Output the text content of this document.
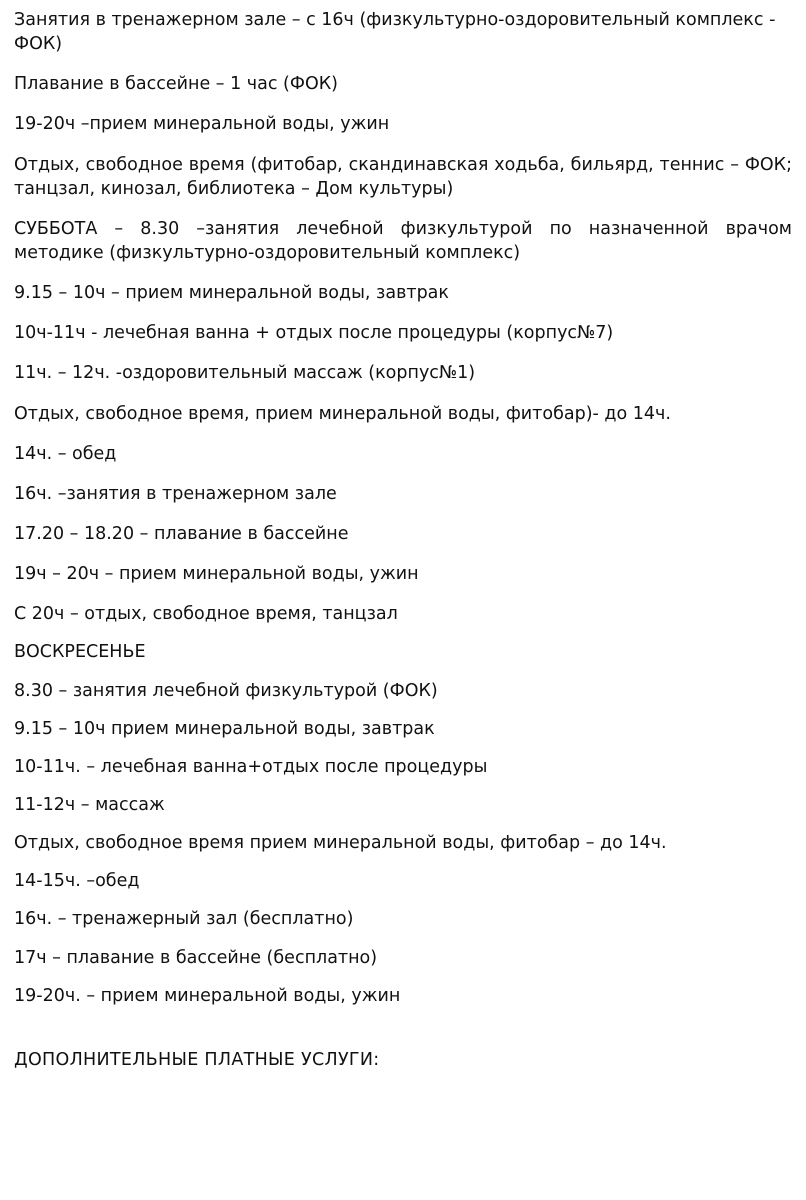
Занятия в тренажерном зале – с 16ч (физкультурно-оздоровительный комплекс - ФОК)

Плавание в бассейне – 1 час (ФОК)

19-20ч –прием минеральной воды, ужин

Отдых, свободное время (фитобар, скандинавская ходьба, бильярд, теннис – ФОК; танцзал, кинозал, библиотека – Дом культуры)

СУББОТА – 8.30 –занятия лечебной физкультурой по назначенной врачом методике (физкультурно-оздоровительный комплекс)

9.15 – 10ч – прием минеральной воды, завтрак

10ч-11ч - лечебная ванна + отдых после процедуры (корпус№7)

11ч. – 12ч. -оздоровительный массаж (корпус№1)

Отдых, свободное время, прием минеральной воды, фитобар)- до 14ч.

14ч. – обед

16ч. –занятия в тренажерном зале

17.20 – 18.20 – плавание в бассейне

19ч – 20ч – прием минеральной воды, ужин

С 20ч – отдых, свободное время, танцзал

ВОСКРЕСЕНЬЕ

8.30 – занятия лечебной физкультурой (ФОК)

9.15 – 10ч прием минеральной воды, завтрак

10-11ч. – лечебная ванна+отдых после процедуры

11-12ч – массаж

Отдых, свободное время прием минеральной воды, фитобар – до 14ч.

14-15ч. –обед

16ч. – тренажерный зал (бесплатно)

17ч – плавание в бассейне (бесплатно)

19-20ч. – прием минеральной воды, ужин

ДОПОЛНИТЕЛЬНЫЕ ПЛАТНЫЕ УСЛУГИ:
